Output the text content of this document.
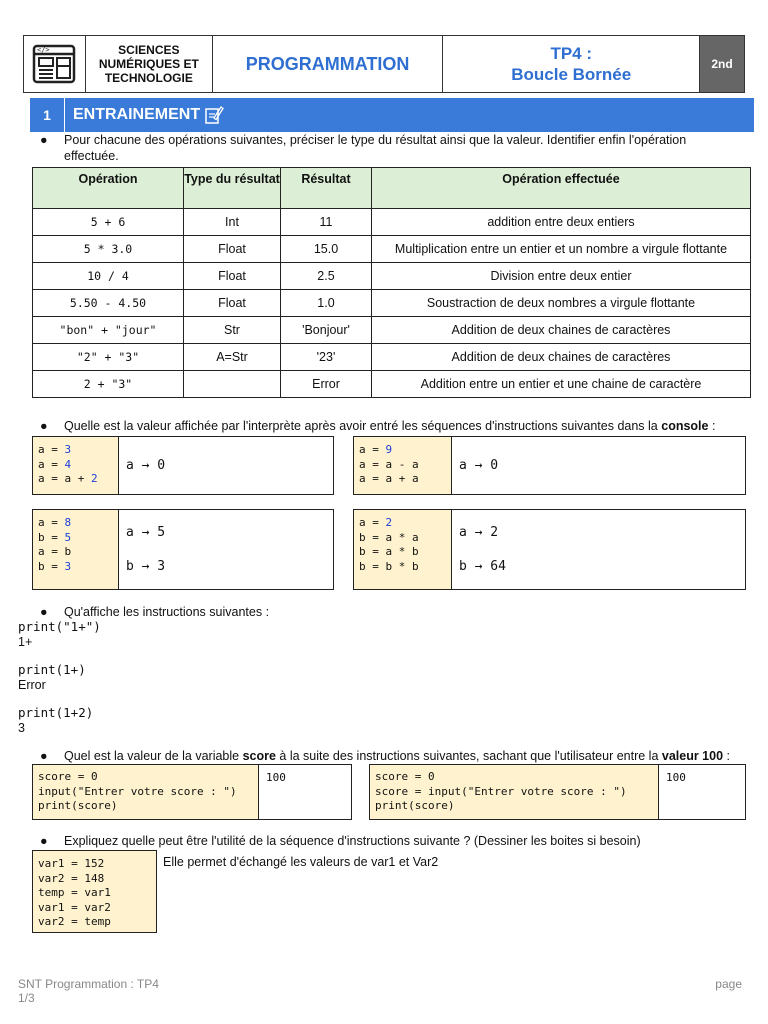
</>	SCIENCES NUMÉRIQUES ET TECHNOLOGIE
PROGRAMMATION	TP4 :
Boucle Bornée
2nd
1	ENTRAINEMENT
●	Pour chacune des opérations suivantes, préciser le type du résultat ainsi que la valeur. Identifier enfin l'opération effectuée.
Opération	Type du résultat	Résultat	Opération effectuée
5 + 6	Int	11	addition entre deux entiers
5 * 3.0	Float	15.0	Multiplication entre un entier et un nombre a virgule flottante
10 / 4	Float	2.5	Division entre deux entier
5.50 - 4.50	Float	1.0	Soustraction de deux nombres a virgule flottante
"bon" + "jour"	Str	'Bonjour'	Addition de deux chaines de caractères
"2" + "3"	A=Str	'23'	Addition de deux chaines de caractères
2 + "3"		Error	Addition entre un entier et une chaine de caractère
●	Quelle est la valeur affichée par l'interprète après avoir entré les séquences d'instructions suivantes dans la console :
a = 3
a = 4
a = a + 2
a → 0
a = 9
a = a - a
a = a + a
a → 0
a = 8
b = 5
a = b
b = 3
a → 5
b → 3
a = 2
b = a * a
b = a * b
b = b * b
a → 2
b → 64
●	Qu'affiche les instructions suivantes :
print("1+")
1+
print(1+)
Error
print(1+2)
3
●	Quel est la valeur de la variable score à la suite des instructions suivantes, sachant que l'utilisateur entre la valeur 100 :
score = 0
input("Entrer votre score : ")
print(score)
100	score = 0
score = input("Entrer votre score : ")
print(score)
100
●	Expliquez quelle peut être l'utilité de la séquence d'instructions suivante ? (Dessiner les boites si besoin)
var1 = 152
var2 = 148
temp = var1
var1 = var2
var2 = temp
Elle permet d'échangé les valeurs de var1 et Var2
SNT Programmation : TP4
1/3
page
